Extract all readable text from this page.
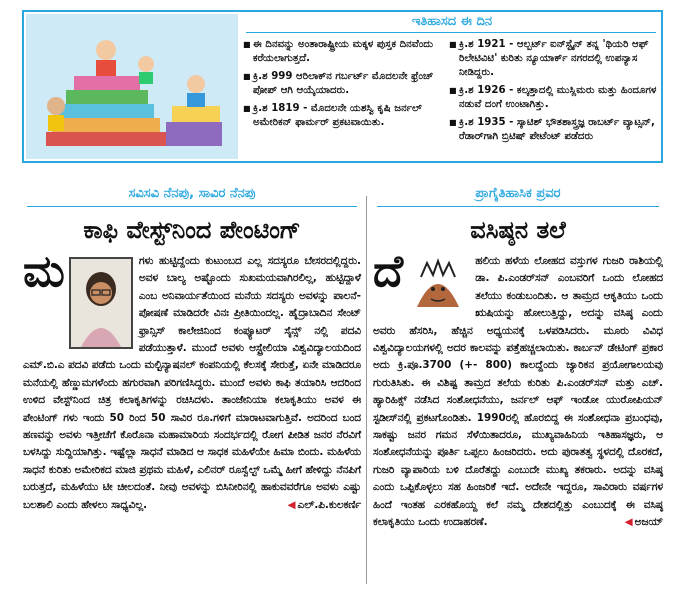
ಇತಿಹಾಸದ ಈ ದಿನ
■ ಈ ದಿನವನ್ನು ಅಂತಾರಾಷ್ಟ್ರೀಯ ಮಕ್ಕಳ ಪುಸ್ತಕ ದಿನವೆಂದು ಕರೆಯಲಾಗುತ್ತದೆ.
■ ಕ್ರಿ.ಶ 999 ಆರಿಲಾಕ್‌ನ ಗರ್ಬರ್ಟ್ ಮೊದಲನೇ ಫ್ರೆಂಚ್ ಪೋಪ್ ಆಗಿ ಆಯ್ಕೆಯಾದರು.
■ ಕ್ರಿ.ಶ 1819 - ಮೊದಲನೇ ಯಶಸ್ವಿ ಕೃಷಿ ಜರ್ನಲ್ ಅಮೇರಿಕನ್ ಫಾರ್ಮರ್ ಪ್ರಕಟವಾಯಿತು.
■ ಕ್ರಿ.ಶ 1921 - ಆಲ್ಬರ್ಟ್ ಐನ್‌ಸ್ಟೈನ್ ತನ್ನ 'ಥಿಯರಿ ಆಫ್ ರಿಲೇಟಿವಿಟಿ' ಕುರಿತು ನ್ಯೂಯಾರ್ಕ್ ನಗರದಲ್ಲಿ ಉಪನ್ಯಾಸ ನೀಡಿದ್ದರು.
■ ಕ್ರಿ.ಶ 1926 - ಕಲ್ಕತ್ತಾದಲ್ಲಿ ಮುಸ್ಲಿಮರು ಮತ್ತು ಹಿಂದೂಗಳ ನಡುವೆ ದಂಗೆ ಉಂಟಾಗಿತ್ತು.
■ ಕ್ರಿ.ಶ 1935 - ಸ್ಕಾಟಿಶ್ ಭೌತಶಾಸ್ತ್ರಜ್ಞ ರಾಬರ್ಟ್ ವ್ಯಾಟ್ಸನ್, ರೆಡಾರ್‌ಗಾಗಿ ಬ್ರಿಟಿಷ್ ಪೇಟೆಂಟ್ ಪಡೆದರು
ಸವಿಸವಿ ನೆನಪು, ಸಾವಿರ ನೆನಪು
ಕಾಫಿ ವೇಸ್ಟ್‌ನಿಂದ ಪೇಂಟಿಂಗ್
ಮ	ಗಳು ಹುಟ್ಟಿದ್ದೆಂದು ಕುಟುಂಬದ ಎಲ್ಲ ಸದಸ್ಯರೂ ಬೇಸರದಲ್ಲಿದ್ದರು. ಅವಳ ಬಾಲ್ಯ ಅಷ್ಟೊಂದು ಸುಖಮಯವಾಗಿರಲಿಲ್ಲ, ಹುಟ್ಟಿದ್ದಾಳೆ ಎಂಬ ಅನಿವಾರ್ಯತೆಯಿಂದ ಮನೆಯ ಸದಸ್ಯರು ಅವಳನ್ನು ಪಾಲನೆ-ಪೋಷಣೆ ಮಾಡಿದರೇ ವಿನಃ ಪ್ರೀತಿಯಿಂದಲ್ಲ. ಹೈದ್ರಾಬಾದಿನ ಸೇಂಟ್ ಫ್ರಾನ್ಸಿಸ್ ಕಾಲೇಜಿನಿಂದ ಕಂಪ್ಯೂಟರ್ ಸೈನ್ಸ್ ನಲ್ಲಿ ಪದವಿ ಪಡೆಯುತ್ತಾಳೆ. ಮುಂದೆ ಅವಳು ಆಸ್ಟ್ರೇಲಿಯಾ ವಿಶ್ವವಿದ್ಯಾಲಯದಿಂದ ಎಮ್.ಬಿ.ಎ ಪದವಿ ಪಡೆದು ಒಂದು ಮಲ್ಟಿನ್ಯಾಷನಲ್ ಕಂಪನಿಯಲ್ಲಿ ಕೆಲಸಕ್ಕೆ ಸೇರುತ್ತೆ, ಏನೇ ಮಾಡಿದರೂ ಮನೆಯಲ್ಲಿ ಹೆಣ್ಣುಮಗಳೆಂದು ಹಗುರವಾಗಿ ಪರಿಗಣಿಸಿದ್ದರು. ಮುಂದೆ ಅವಳು ಕಾಫಿ ತಯಾರಿಸಿ ಆದರಿಂದ ಉಳಿದ ವೇಸ್ಟ್‌ನಿಂದ ಚಿತ್ರ ಕಲಾಕೃತಿಗಳನ್ನು ರಚಿಸಿದಳು. ತಾಂಜೇನಿಯಾ ಕಲಾಕೃತಿಯು ಅವಳ ಈ ಪೇಂಟಿಂಗ್ ಗಳು ಇಂದು 50 ರಿಂದ 50 ಸಾವಿರ ರೂ.ಗಳಿಗೆ ಮಾರಾಟವಾಗುತ್ತಿವೆ. ಅದರಿಂದ ಬಂದ ಹಣವನ್ನು ಅವಳು ಇತ್ತೀಚೆಗೆ ಕೊರೊನಾ ಮಹಾಮಾರಿಯ ಸಂದರ್ಭದಲ್ಲಿ ರೋಗ ಪೀಡಿತ ಜನರ ನೆರವಿಗೆ ಬಳಸಿದ್ದು ಸುದ್ದಿಯಾಗಿತ್ತು. ಇಷ್ಟೆಲ್ಲಾ ಸಾಧನೆ ಮಾಡಿದ ಆ ಸಾಧಕ ಮಹಿಳೆಯೇ ಹಿಮಾ ಬಿಂದು. ಮಹಿಳೆಯ ಸಾಧನೆ ಕುರಿತು ಅಮೇರಿಕದ ಮಾಜಿ ಪ್ರಥಮ ಮಹಿಳೆ, ಎಲಿನರ್ ರೂಸ್ವೆಲ್ಟ್ ಒಮ್ಮೆ ಹೀಗೆ ಹೇಳಿದ್ದು ನೆನಪಿಗೆ ಬರುತ್ತದೆ, ಮಹಿಳೆಯು ಟೀ ಚೀಲದಂತೆ. ನೀವು ಅವಳನ್ನು ಬಿಸಿನೀರಿನಲ್ಲಿ ಹಾಕುವವರೆಗೂ ಅವಳು ಎಷ್ಟು ಬಲಶಾಲಿ ಎಂದು ಹೇಳಲು ಸಾಧ್ಯವಿಲ್ಲ.	◀ ಎಲ್.ಪಿ.ಕುಲಕರ್ಣಿ
ಪ್ರಾಗೈತಿಹಾಸಿಕ ಪ್ರವರ
ವಸಿಷ್ಠನ ತಲೆ
ದೆ	ಹಲಿಯ ಹಳೆಯ ಲೋಹದ ವಸ್ತುಗಳ ಗುಜರಿ ರಾಶಿಯಲ್ಲಿ ಡಾ. ಪಿ.ಎಂಡರ್‌ಸನ್ ಎಂಬವರಿಗೆ ಒಂದು ಲೋಹದ ತಲೆಯು ಕಂಡುಬಂದಿತು. ಆ ತಾಮ್ರದ ಆಕೃತಿಯು ಒಂದು ಋಷಿಯನ್ನು ಹೋಲುತ್ತಿದ್ದು, ಅದನ್ನು ವಸಿಷ್ಠ ಎಂದು ಅವರು ಹೆಸರಿಸಿ, ಹೆಚ್ಚಿನ ಅಧ್ಯಯನಕ್ಕೆ ಒಳಪಡಿಸಿದರು. ಮೂರು ವಿವಿಧ ವಿಶ್ವವಿದ್ಯಾಲಯಗಳಲ್ಲಿ ಅದರ ಕಾಲವನ್ನು ಪತ್ತೆಹಚ್ಚಲಾಯಿತು. ಕಾರ್ಬನ್ ಡೇಟಿಂಗ್ ಪ್ರಕಾರ ಅದು ಕ್ರಿ.ಪೂ.3700 (+- 800) ಕಾಲದ್ದೆಂದು ಜ್ಯಾರಿಕನ ಪ್ರಯೋಗಾಲಯವು ಗುರುತಿಸಿತು. ಈ ವಿಶಿಷ್ಟ ತಾಮ್ರದ ತಲೆಯ ಕುರಿತು ಪಿ.ಎಂಡರ್‌ಸನ್ ಮತ್ತು ಎಚ್. ಹ್ಯಾರಿಹಿಕ್ಸ್ ನಡೆಸಿದ ಸಂಶೋಧನೆಯು, ಜರ್ನಲ್ ಆಫ್ ಇಂಡೋ ಯುರೋಪಿಯನ್ ಸ್ಟಡೀಸ್‌ನಲ್ಲಿ ಪ್ರಕಟಗೊಂಡಿತು. 1990ರಲ್ಲಿ ಹೊರಬಿದ್ದ ಈ ಸಂಶೋಧನಾ ಪ್ರಬಂಧವು, ಸಾಕಷ್ಟು ಜನರ ಗಮನ ಸೆಳೆಯಿತಾದರೂ, ಮುಖ್ಯವಾಹಿನಿಯ ಇತಿಹಾಸಜ್ಞರು, ಆ ಸಂಶೋಧನೆಯನ್ನು ಪೂರ್ತಿ ಒಪ್ಪಲು ಹಿಂಜರಿದರು. ಅದು ಪುರಾತತ್ವ ಸ್ಥಳದಲ್ಲಿ ದೊರಕದೆ, ಗುಜರಿ ವ್ಯಾಪಾರಿಯ ಬಳಿ ದೊರೆತದ್ದು ಎಂಬುದೇ ಮುಖ್ಯ ತಕರಾರು. ಅದನ್ನು ವಸಿಷ್ಠ ಎಂದು ಒಪ್ಪಿಕೊಳ್ಳಲು ಸಹ ಹಿಂಜರಿಕೆ ಇದೆ. ಅದೇನೇ ಇದ್ದರೂ, ಸಾವಿರಾರು ವರ್ಷಗಳ ಹಿಂದೆ ಇಂತಹ ಎರಕಹೊಯ್ದ ಕಲೆ ನಮ್ಮ ದೇಶದಲ್ಲಿತ್ತು ಎಂಬುದಕ್ಕೆ ಈ ವಸಿಷ್ಠ ಕಲಾಕೃತಿಯು ಒಂದು ಉದಾಹರಣೆ.	◀ ಅಜಯ್
